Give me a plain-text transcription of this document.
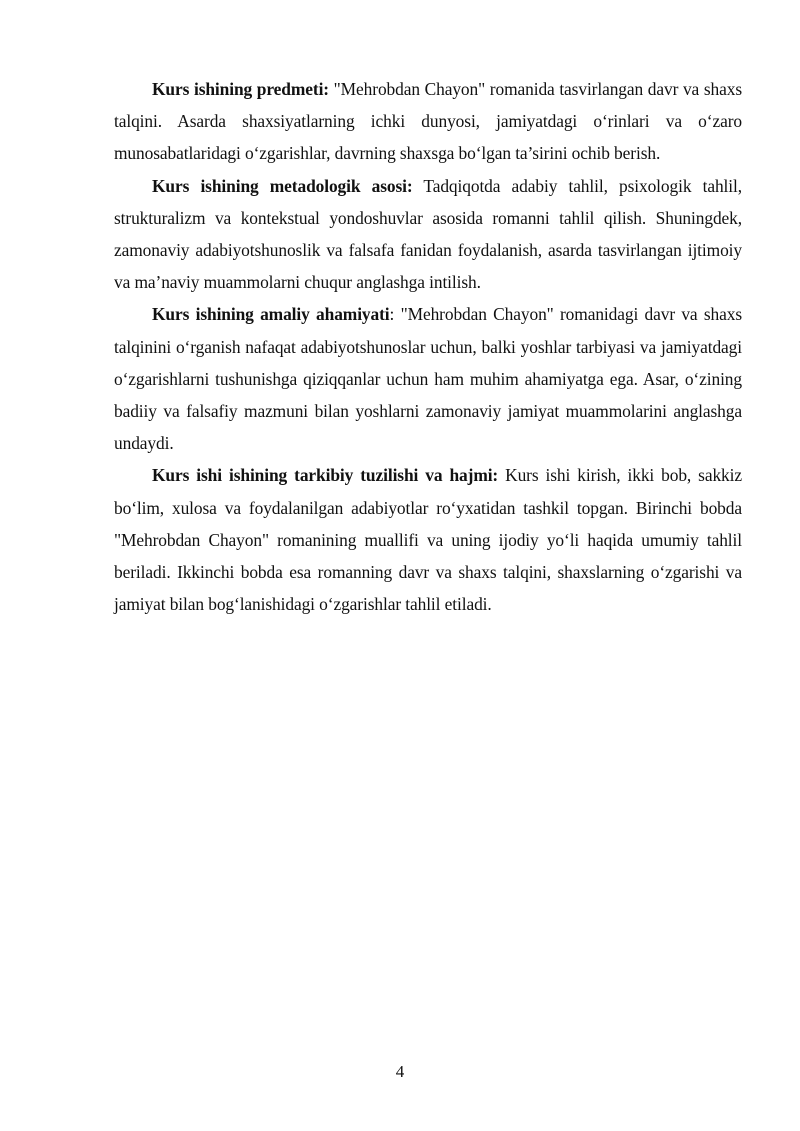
Kurs ishining predmeti: "Mehrobdan Chayon" romanida tasvirlangan davr va shaxs talqini. Asarda shaxsiyatlarning ichki dunyosi, jamiyatdagi o‘rinlari va o‘zaro munosabatlaridagi o‘zgarishlar, davrning shaxsga bo‘lgan ta’sirini ochib berish.

Kurs ishining metadologik asosi: Tadqiqotda adabiy tahlil, psixologik tahlil, strukturalizm va kontekstual yondoshuvlar asosida romanni tahlil qilish. Shuningdek, zamonaviy adabiyotshunoslik va falsafa fanidan foydalanish, asarda tasvirlangan ijtimoiy va ma’naviy muammolarni chuqur anglashga intilish.

Kurs ishining amaliy ahamiyati: "Mehrobdan Chayon" romanidagi davr va shaxs talqinini o‘rganish nafaqat adabiyotshunoslar uchun, balki yoshlar tarbiyasi va jamiyatdagi o‘zgarishlarni tushunishga qiziqqanlar uchun ham muhim ahamiyatga ega. Asar, o‘zining badiiy va falsafiy mazmuni bilan yoshlarni zamonaviy jamiyat muammolarini anglashga undaydi.

Kurs ishi ishining tarkibiy tuzilishi va hajmi: Kurs ishi kirish, ikki bob, sakkiz bo‘lim, xulosa va foydalanilgan adabiyotlar ro‘yxatidan tashkil topgan. Birinchi bobda "Mehrobdan Chayon" romanining muallifi va uning ijodiy yo‘li haqida umumiy tahlil beriladi. Ikkinchi bobda esa romanning davr va shaxs talqini, shaxslarning o‘zgarishi va jamiyat bilan bog‘lanishidagi o‘zgarishlar tahlil etiladi.

4
